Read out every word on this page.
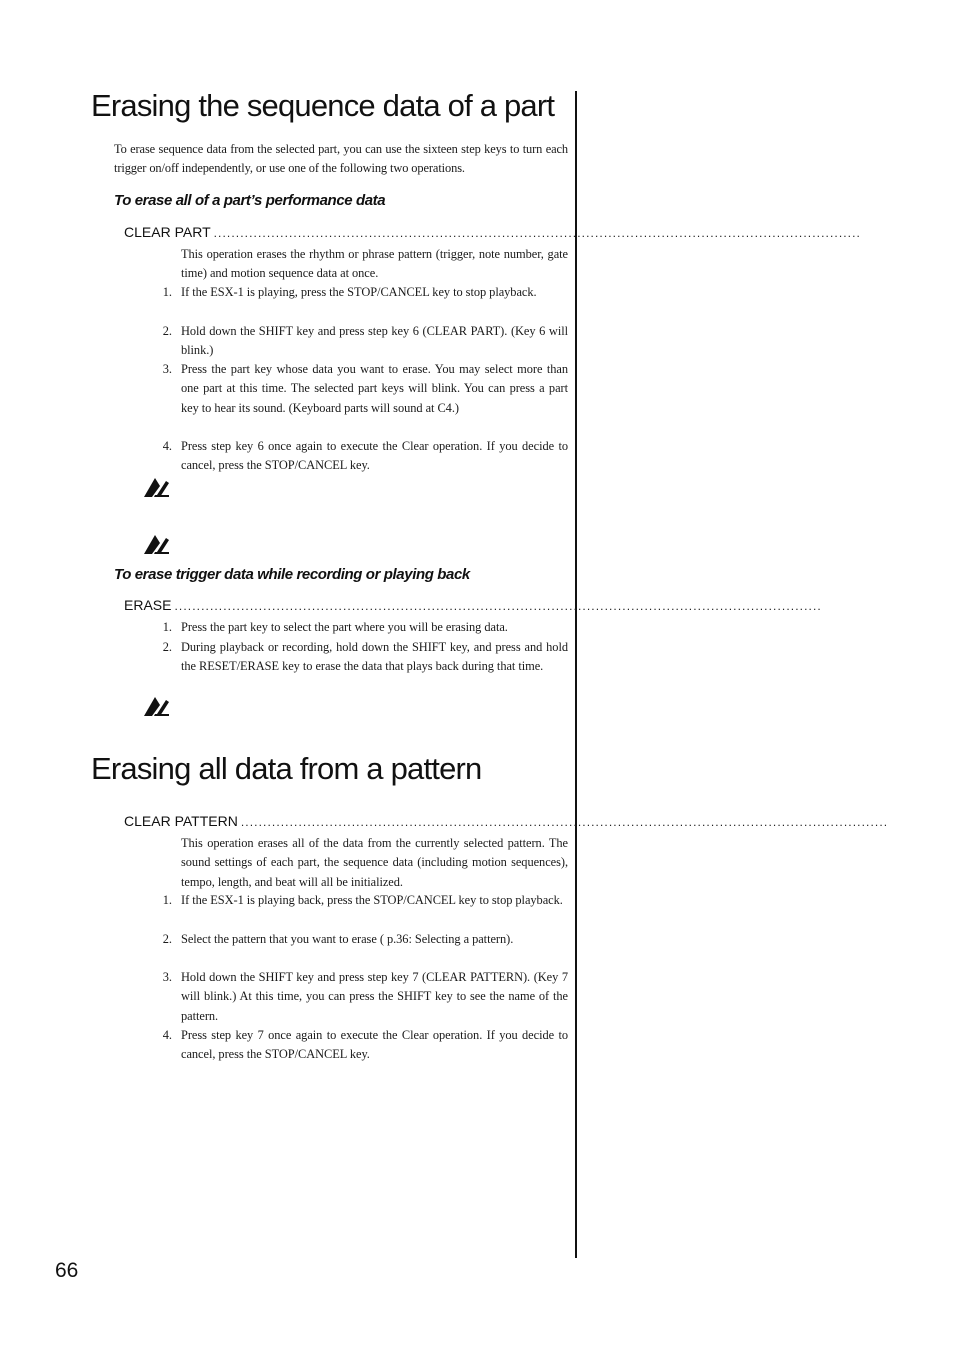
Erasing the sequence data of a part

To erase sequence data from the selected part, you can use the sixteen step keys to turn each trigger on/off independently, or use one of the following two operations.

To erase all of a part’s performance data
CLEAR PART ..................................................................................................................................................

This operation erases the rhythm or phrase pattern (trigger, note number, gate time) and motion sequence data at once.

1. If the ESX-1 is playing, press the STOP/CANCEL key to stop playback.

2. Hold down the SHIFT key and press step key 6 (CLEAR PART). (Key 6 will blink.)

3. Press the part key whose data you want to erase. You may select more than one part at this time. The selected part keys will blink. You can press a part key to hear its sound. (Keyboard parts will sound at C4.)

4. Press step key 6 once again to execute the Clear operation. If you decide to cancel, press the STOP/CANCEL key.

To erase trigger data while recording or playing back
ERASE ..................................................................................................................................................

1. Press the part key to select the part where you will be erasing data.

2. During playback or recording, hold down the SHIFT key, and press and hold the RESET/ERASE key to erase the data that plays back during that time.

Erasing all data from a pattern
CLEAR PATTERN ..................................................................................................................................................

This operation erases all of the data from the currently selected pattern. The sound settings of each part, the sequence data (including motion sequences), tempo, length, and beat will all be initialized.

1. If the ESX-1 is playing back, press the STOP/CANCEL key to stop playback.

2. Select the pattern that you want to erase ( p.36: Selecting a pattern).

3. Hold down the SHIFT key and press step key 7 (CLEAR PATTERN). (Key 7 will blink.) At this time, you can press the SHIFT key to see the name of the pattern.

4. Press step key 7 once again to execute the Clear operation. If you decide to cancel, press the STOP/CANCEL key.

66
